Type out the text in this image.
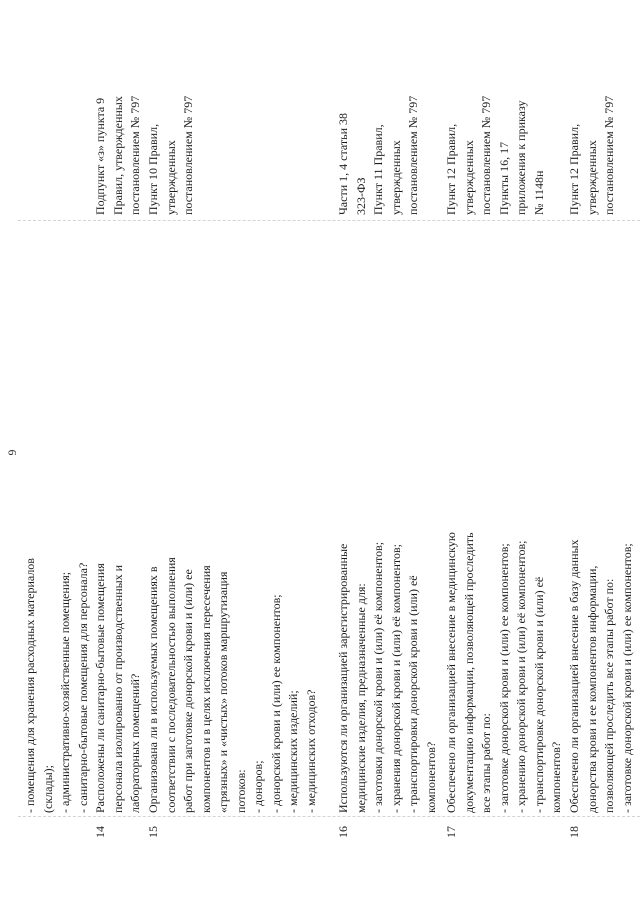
9
- помещения для хранения расходных материалов (склады); - административно-хозяйственные помещения; - санитарно-бытовые помещения для персонала?
14
Расположены ли санитарно-бытовые помещения персонала изолированно от производственных и лабораторных помещений?
Подпункт «з» пункта 9 Правил, утвержденных постановлением № 797
15
Организована ли в используемых помещениях в соответствии с последовательностью выполнения работ при заготовке донорской крови и (или) ее компонентов и в целях исключения пересечения «грязных» и «чистых» потоков маршрутизация потоков: - доноров; - донорской крови и (или) ее компонентов; - медицинских изделий; - медицинских отходов?
Пункт 10 Правил, утвержденных постановлением № 797
16
Используются ли организацией зарегистрированные медицинские изделия, предназначенные для: - заготовки донорской крови и (или) её компонентов; - хранения донорской крови и (или) её компонентов; - транспортировки донорской крови и (или) её компонентов?
Части 1, 4 статьи 38 323-ФЗ Пункт 11 Правил, утвержденных постановлением № 797
17
Обеспечено ли организацией внесение в медицинскую документацию информации, позволяющей проследить все этапы работ по: - заготовке донорской крови и (или) ее компонентов; - хранению донорской крови и (или) её компонентов; - транспортировке донорской крови и (или) её компонентов?
Пункт 12 Правил, утвержденных постановлением № 797 Пункты 16, 17 приложения к приказу № 1148н
18
Обеспечено ли организацией внесение в базу данных донорства крови и ее компонентов информации, позволяющей проследить все этапы работ по: - заготовке донорской крови и (или) ее компонентов;
Пункт 12 Правил, утвержденных постановлением № 797
